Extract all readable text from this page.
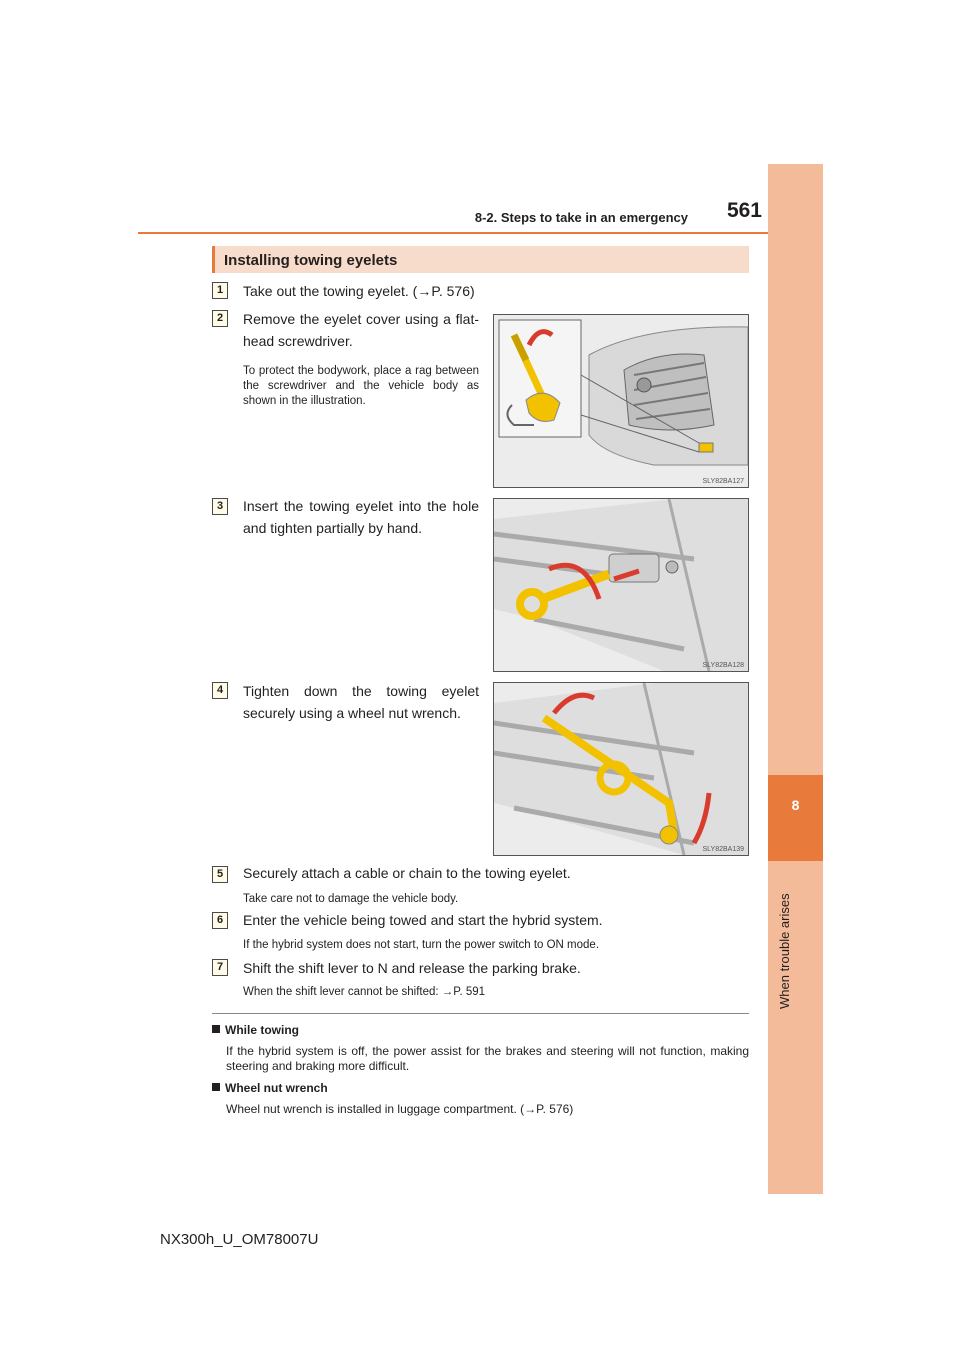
8-2. Steps to take in an emergency	561
8
When trouble arises
Installing towing eyelets
1	Take out the towing eyelet. (→P. 576)
2	Remove the eyelet cover using a flat-head screwdriver.
To protect the bodywork, place a rag between the screwdriver and the vehicle body as shown in the illustration.
SLY82BA127
3	Insert the towing eyelet into the hole and tighten partially by hand.
SLY82BA128
4	Tighten down the towing eyelet securely using a wheel nut wrench.
SLY82BA139
5	Securely attach a cable or chain to the towing eyelet.
Take care not to damage the vehicle body.
6	Enter the vehicle being towed and start the hybrid system.
If the hybrid system does not start, turn the power switch to ON mode.
7	Shift the shift lever to N and release the parking brake.
When the shift lever cannot be shifted: →P. 591
While towing
If the hybrid system is off, the power assist for the brakes and steering will not function, making steering and braking more difficult.
Wheel nut wrench
Wheel nut wrench is installed in luggage compartment. (→P. 576)
NX300h_U_OM78007U
